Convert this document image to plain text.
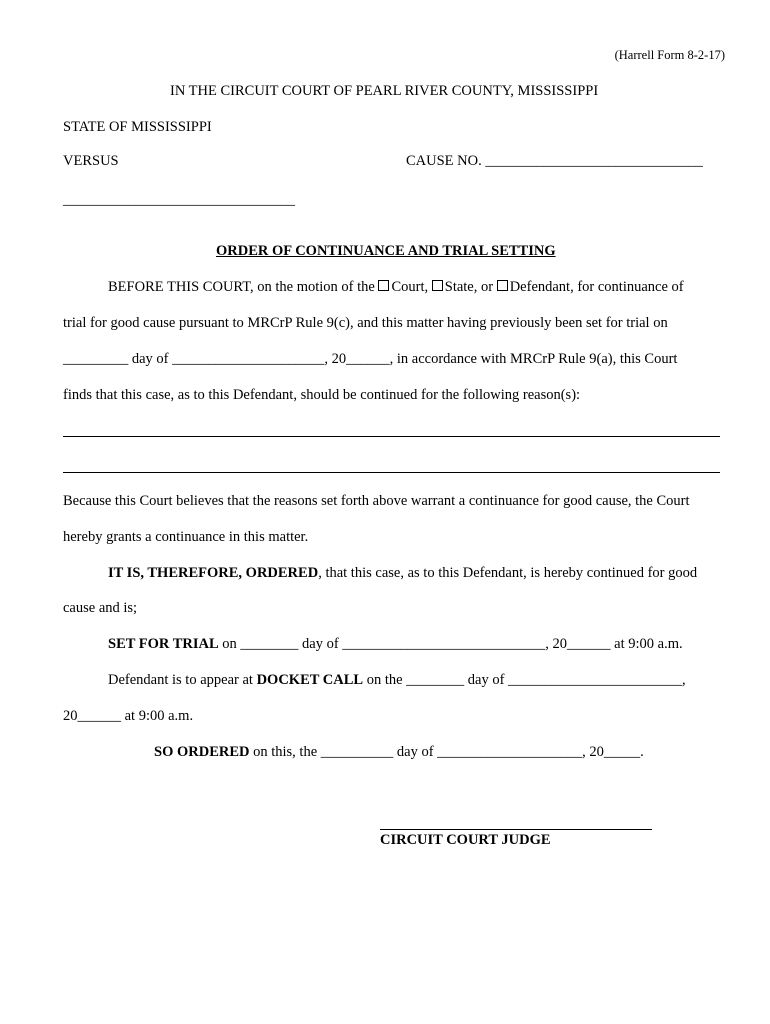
(Harrell Form 8-2-17)
IN THE CIRCUIT COURT OF PEARL RIVER COUNTY, MISSISSIPPI
STATE OF MISSISSIPPI
VERSUS	CAUSE NO. ______________________________
________________________________
ORDER OF CONTINUANCE AND TRIAL SETTING
BEFORE THIS COURT, on the motion of the Court, State, or Defendant, for continuance of
trial for good cause pursuant to MRCrP Rule 9(c), and this matter having previously been set for trial on
_________ day of _____________________, 20______, in accordance with MRCrP Rule 9(a), this Court
finds that this case, as to this Defendant, should be continued for the following reason(s):
Because this Court believes that the reasons set forth above warrant a continuance for good cause, the Court
hereby grants a continuance in this matter.
IT IS, THEREFORE, ORDERED, that this case, as to this Defendant, is hereby continued for good
cause and is;
SET FOR TRIAL on ________ day of ____________________________, 20______ at 9:00 a.m.
Defendant is to appear at DOCKET CALL on the ________ day of ________________________,
20______ at 9:00 a.m.
SO ORDERED on this, the __________ day of ____________________, 20_____.
CIRCUIT COURT JUDGE
